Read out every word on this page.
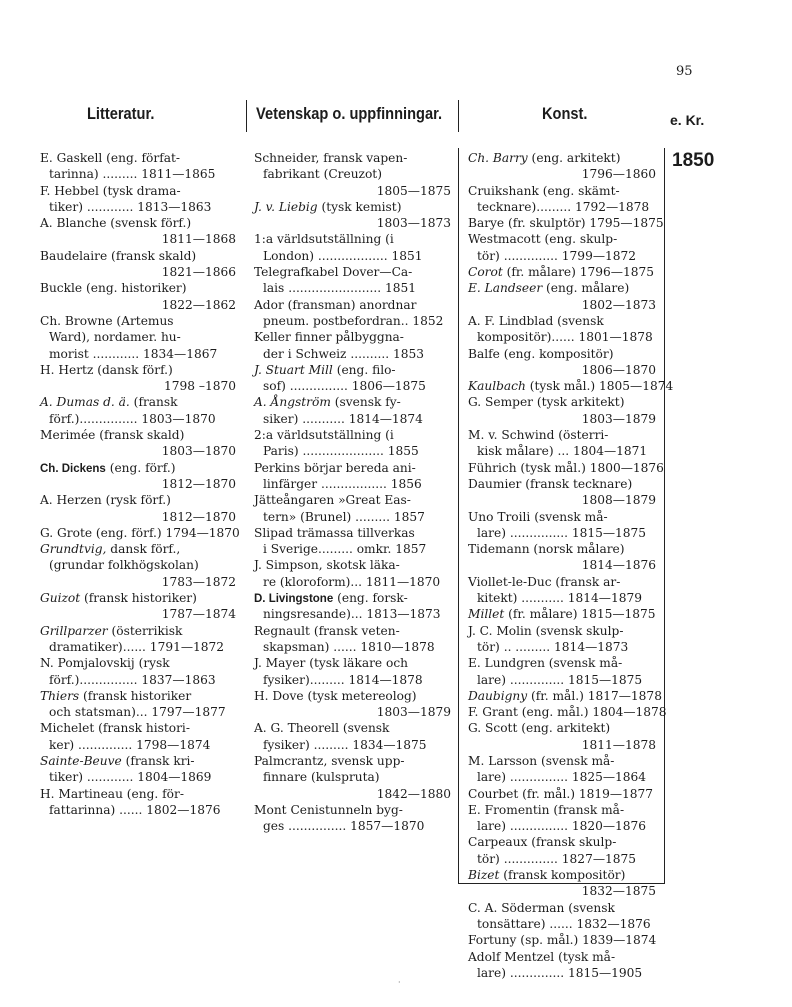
95
Litteratur.	Vetenskap o. uppfinningar.	Konst.	e. Kr.
1850
E. Gaskell (eng. förfat-
tarinna) ......... 1811—1865
F. Hebbel (tysk drama-
tiker) ............ 1813—1863
A. Blanche (svensk förf.)
1811—1868
Baudelaire (fransk skald)
1821—1866
Buckle (eng. historiker)
1822—1862
Ch. Browne (Artemus
Ward), nordamer. hu-
morist ............ 1834—1867
H. Hertz (dansk förf.)
1798 –1870
A. Dumas d. ä. (fransk
förf.)............... 1803—1870
Merimée (fransk skald)
1803—1870
Ch. Dickens (eng. förf.)
1812—1870
A. Herzen (rysk förf.)
1812—1870
G. Grote (eng. förf.) 1794—1870
Grundtvig, dansk förf.,
(grundar folkhögskolan)
1783—1872
Guizot (fransk historiker)
1787—1874
Grillparzer (österrikisk
dramatiker)...... 1791—1872
N. Pomjalovskij (rysk
förf.)............... 1837—1863
Thiers (fransk historiker
och statsman)... 1797—1877
Michelet (fransk histori-
ker) .............. 1798—1874
Sainte-Beuve (fransk kri-
tiker) ............ 1804—1869
H. Martineau (eng. för-
fattarinna) ...... 1802—1876
Schneider, fransk vapen-
fabrikant (Creuzot)
1805—1875
J. v. Liebig (tysk kemist)
1803—1873
1:a världsutställning (i
London) .................. 1851
Telegrafkabel Dover—Ca-
lais ........................ 1851
Ador (fransman) anordnar
pneum. postbefordran.. 1852
Keller finner pålbyggna-
der i Schweiz .......... 1853
J. Stuart Mill (eng. filo-
sof) ............... 1806—1875
A. Ångström (svensk fy-
siker) ........... 1814—1874
2:a världsutställning (i
Paris) ..................... 1855
Perkins börjar bereda ani-
linfärger ................. 1856
Jätteångaren »Great Eas-
tern» (Brunel) ......... 1857
Slipad trämassa tillverkas
i Sverige......... omkr. 1857
J. Simpson, skotsk läka-
re (kloroform)... 1811—1870
D. Livingstone (eng. forsk-
ningsresande)... 1813—1873
Regnault (fransk veten-
skapsman) ...... 1810—1878
J. Mayer (tysk läkare och
fysiker)......... 1814—1878
H. Dove (tysk metereolog)
1803—1879
A. G. Theorell (svensk
fysiker) ......... 1834—1875
Palmcrantz, svensk upp-
finnare (kulspruta)
1842—1880
Mont Cenistunneln byg-
ges ............... 1857—1870
Ch. Barry (eng. arkitekt)
1796—1860
Cruikshank (eng. skämt-
tecknare)......... 1792—1878
Barye (fr. skulptör) 1795—1875
Westmacott (eng. skulp-
tör) .............. 1799—1872
Corot (fr. målare) 1796—1875
E. Landseer (eng. målare)
1802—1873
A. F. Lindblad (svensk
kompositör)...... 1801—1878
Balfe (eng. kompositör)
1806—1870
Kaulbach (tysk mål.) 1805—1874
G. Semper (tysk arkitekt)
1803—1879
M. v. Schwind (österri-
kisk målare) ... 1804—1871
Führich (tysk mål.) 1800—1876
Daumier (fransk tecknare)
1808—1879
Uno Troili (svensk må-
lare) ............... 1815—1875
Tidemann (norsk målare)
1814—1876
Viollet-le-Duc (fransk ar-
kitekt) ........... 1814—1879
Millet (fr. målare) 1815—1875
J. C. Molin (svensk skulp-
tör) .. ......... 1814—1873
E. Lundgren (svensk må-
lare) .............. 1815—1875
Daubigny (fr. mål.) 1817—1878
F. Grant (eng. mål.) 1804—1878
G. Scott (eng. arkitekt)
1811—1878
M. Larsson (svensk må-
lare) ............... 1825—1864
Courbet (fr. mål.) 1819—1877
E. Fromentin (fransk må-
lare) ............... 1820—1876
Carpeaux (fransk skulp-
tör) .............. 1827—1875
Bizet (fransk kompositör)
1832—1875
C. A. Söderman (svensk
tonsättare) ...... 1832—1876
Fortuny (sp. mål.) 1839—1874
Adolf Mentzel (tysk må-
lare) .............. 1815—1905
·
